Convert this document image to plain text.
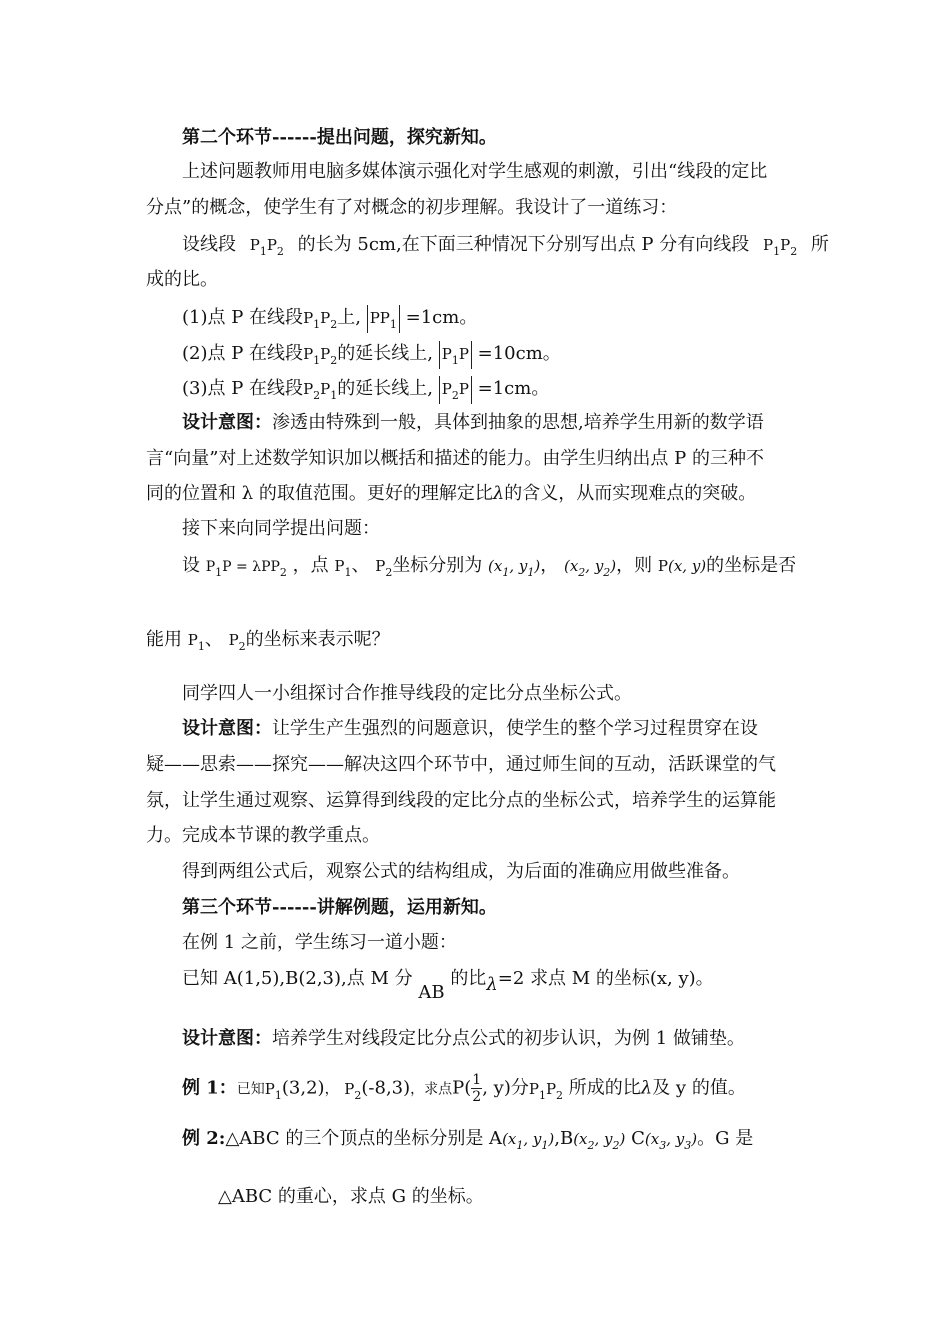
第二个环节------提出问题，探究新知。
上述问题教师用电脑多媒体演示强化对学生感观的刺激，引出“线段的定比
分点”的概念，使学生有了对概念的初步理解。我设计了一道练习：
设线段 $P_1P_2$ 的长为 5cm,在下面三种情况下分别写出点 P 分有向线段 $P_1P_2$ 所
成的比。
(1)点 P 在线段$P_1P_2$上, $PP_1 =1cm$。
(2)点 P 在线段$P_1P_2$的延长线上, $P_1P =10cm$。
(3)点 P 在线段$P_2P_1$的延长线上, $P_2P =1cm$。
设计意图：渗透由特殊到一般，具体到抽象的思想,培养学生用新的数学语
言“向量”对上述数学知识加以概括和描述的能力。由学生归纳出点 P 的三种不
同的位置和 λ 的取值范围。更好的理解定比λ的含义，从而实现难点的突破。
接下来向同学提出问题：
设 $P_1P = \lambda PP_2$ ，点 $P_1$、 $P_2$坐标分别为 ($x_1$, $y_1$)， ($x_2$, $y_2$)，则 P(x, y)的坐标是否
能用 $P_1$、 $P_2$的坐标来表示呢？
同学四人一小组探讨合作推导线段的定比分点坐标公式。
设计意图：让学生产生强烈的问题意识，使学生的整个学习过程贯穿在设
疑——思索——探究——解决这四个环节中，通过师生间的互动，活跃课堂的气
氛，让学生通过观察、运算得到线段的定比分点的坐标公式，培养学生的运算能
力。完成本节课的教学重点。
得到两组公式后，观察公式的结构组成，为后面的准确应用做些准备。
第三个环节------讲解例题，运用新知。
在例 1 之前，学生练习一道小题：
已知 A(1,5),B(2,3),点 M 分 AB 的比λ=2 求点 M 的坐标(x, y)。
设计意图：培养学生对线段定比分点公式的初步认识，为例 1 做铺垫。
例 1：已知$P_1(3,2)$， $P_2(-8,3)$，求点$P( \frac{1}{2}$ , y)分$P_1P_2$ 所成的比λ及 y 的值。
例 2:△ABC 的三个顶点的坐标分别是 $A(x_1$, $y_1),B(x_2$, $y_2$) $C(x_3$, $y_3$)。G 是
△ABC 的重心，求点 G 的坐标。
